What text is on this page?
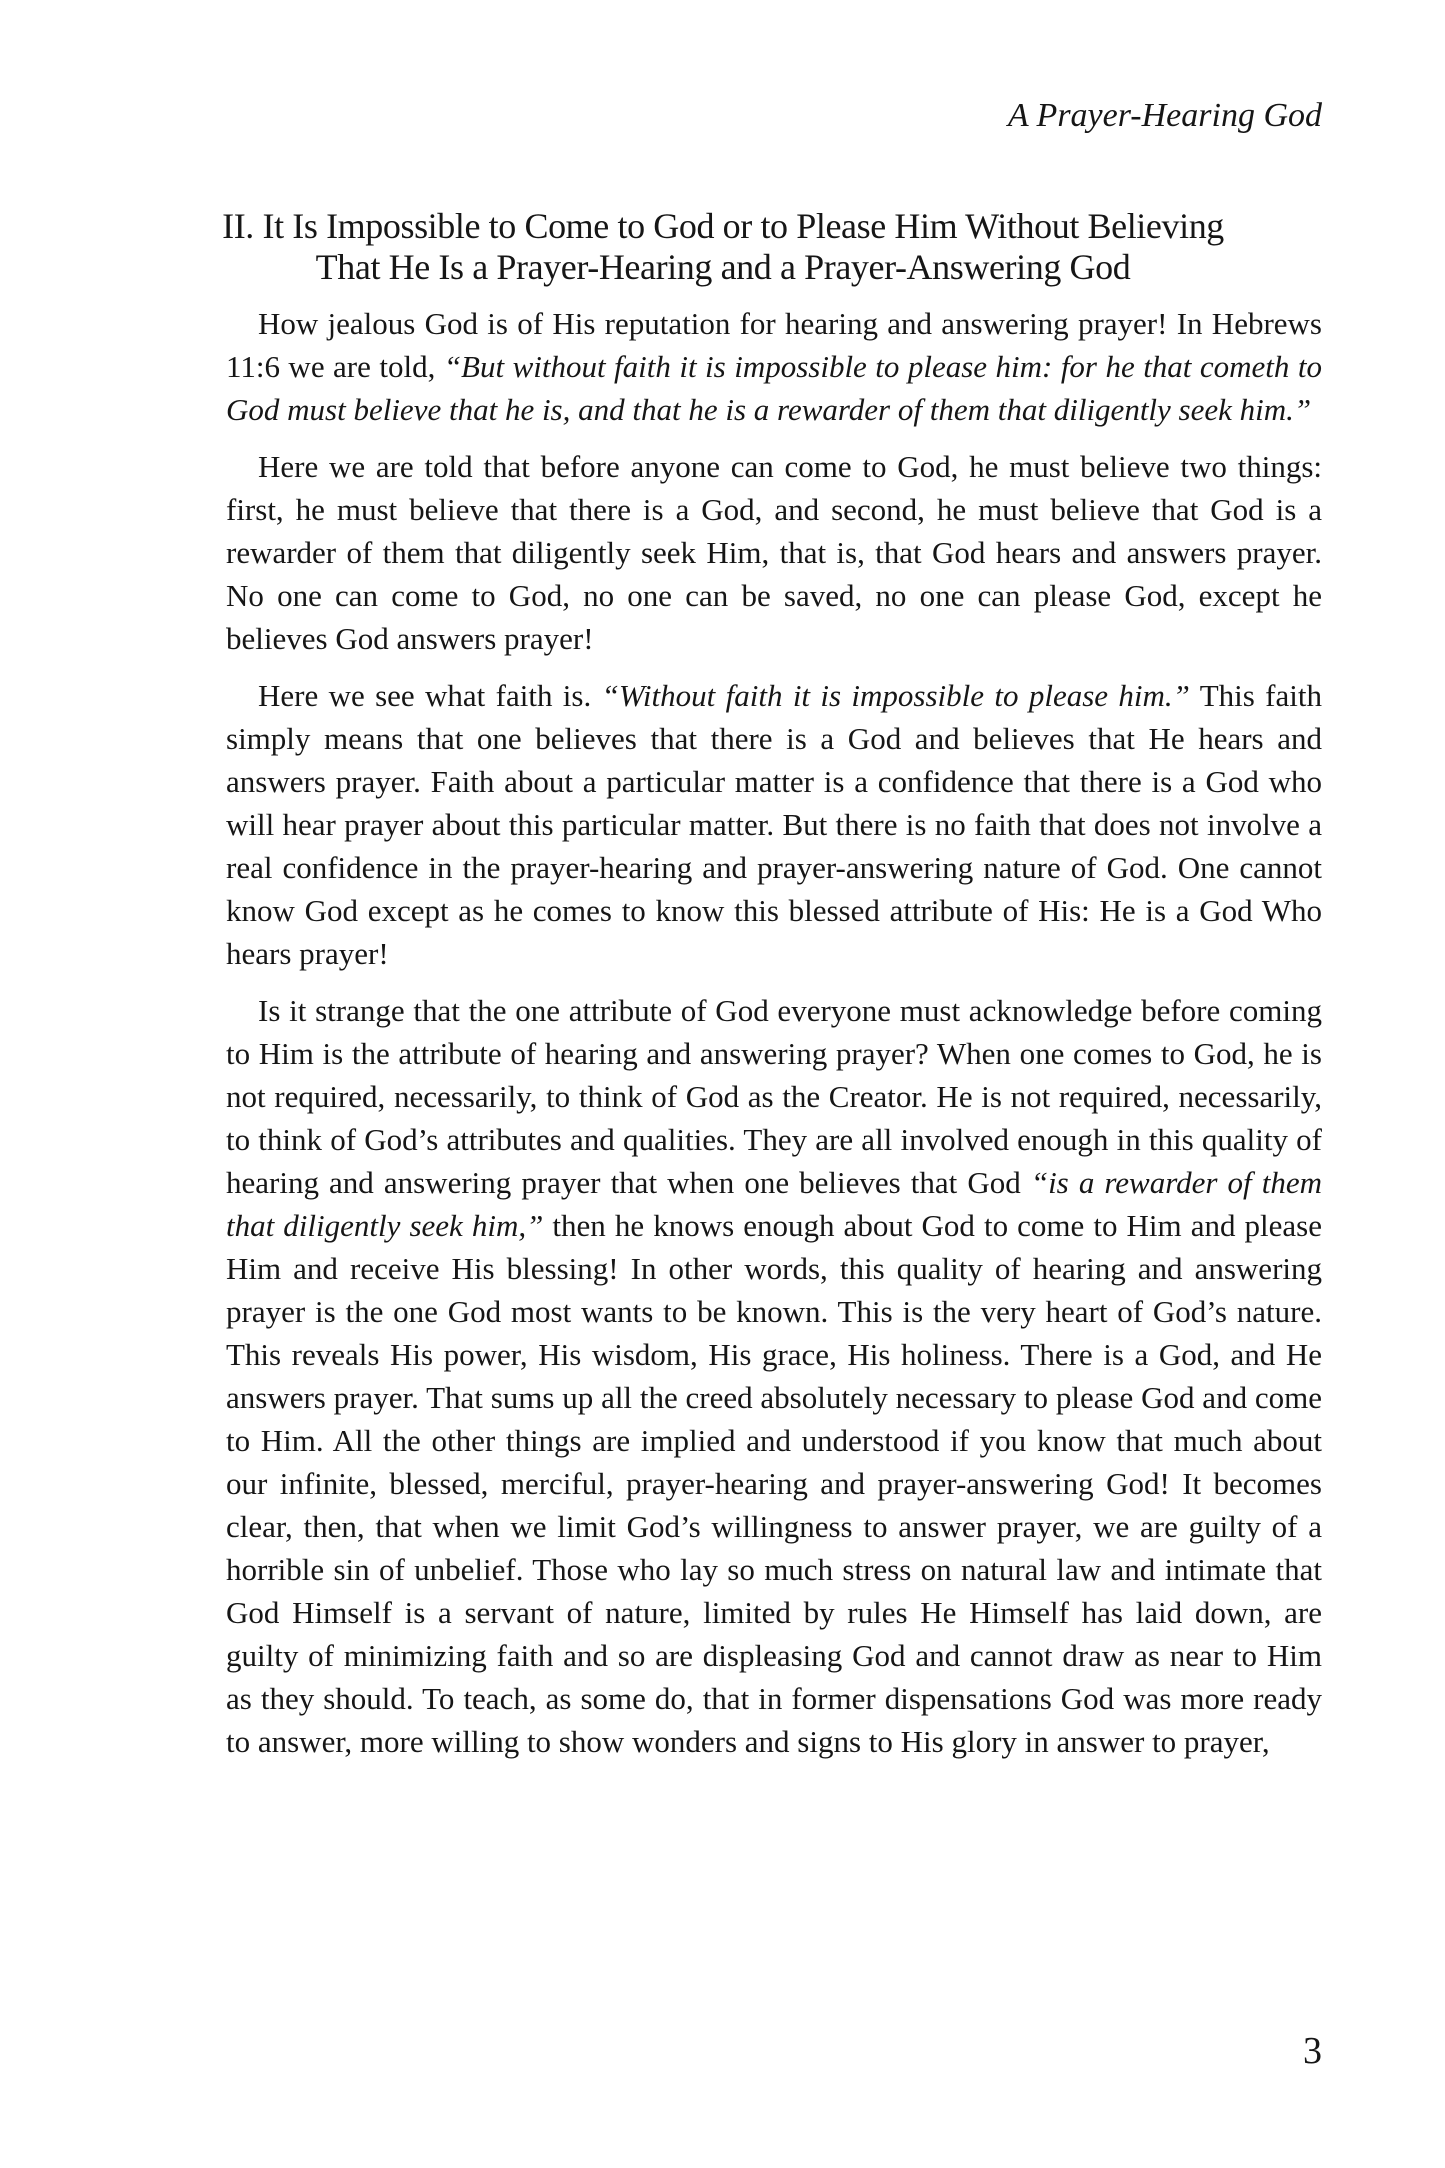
A Prayer-Hearing God
II. It Is Impossible to Come to God or to Please Him Without Believing
That He Is a Prayer-Hearing and a Prayer-Answering God

How jealous God is of His reputation for hearing and answering prayer! In Hebrews 11:6 we are told, “But without faith it is impossible to please him: for he that cometh to God must believe that he is, and that he is a rewarder of them that diligently seek him.”

Here we are told that before anyone can come to God, he must believe two things: first, he must believe that there is a God, and second, he must believe that God is a rewarder of them that diligently seek Him, that is, that God hears and answers prayer. No one can come to God, no one can be saved, no one can please God, except he believes God answers prayer!

Here we see what faith is. “Without faith it is impossible to please him.” This faith simply means that one believes that there is a God and believes that He hears and answers prayer. Faith about a particular matter is a confidence that there is a God who will hear prayer about this particular matter. But there is no faith that does not involve a real confidence in the prayer-hearing and prayer-answering nature of God. One cannot know God except as he comes to know this blessed attribute of His: He is a God Who hears prayer!

Is it strange that the one attribute of God everyone must acknowledge before coming to Him is the attribute of hearing and answering prayer? When one comes to God, he is not required, necessarily, to think of God as the Creator. He is not required, necessarily, to think of God’s attributes and qualities. They are all involved enough in this quality of hearing and answering prayer that when one believes that God “is a rewarder of them that diligently seek him,” then he knows enough about God to come to Him and please Him and receive His blessing! In other words, this quality of hearing and answering prayer is the one God most wants to be known. This is the very heart of God’s nature. This reveals His power, His wisdom, His grace, His holiness. There is a God, and He answers prayer. That sums up all the creed absolutely necessary to please God and come to Him. All the other things are implied and understood if you know that much about our infinite, blessed, merciful, prayer-hearing and prayer-answering God! It becomes clear, then, that when we limit God’s willingness to answer prayer, we are guilty of a horrible sin of unbelief. Those who lay so much stress on natural law and intimate that God Himself is a servant of nature, limited by rules He Himself has laid down, are guilty of minimizing faith and so are displeasing God and cannot draw as near to Him as they should. To teach, as some do, that in former dispensations God was more ready to answer, more willing to show wonders and signs to His glory in answer to prayer,

3
